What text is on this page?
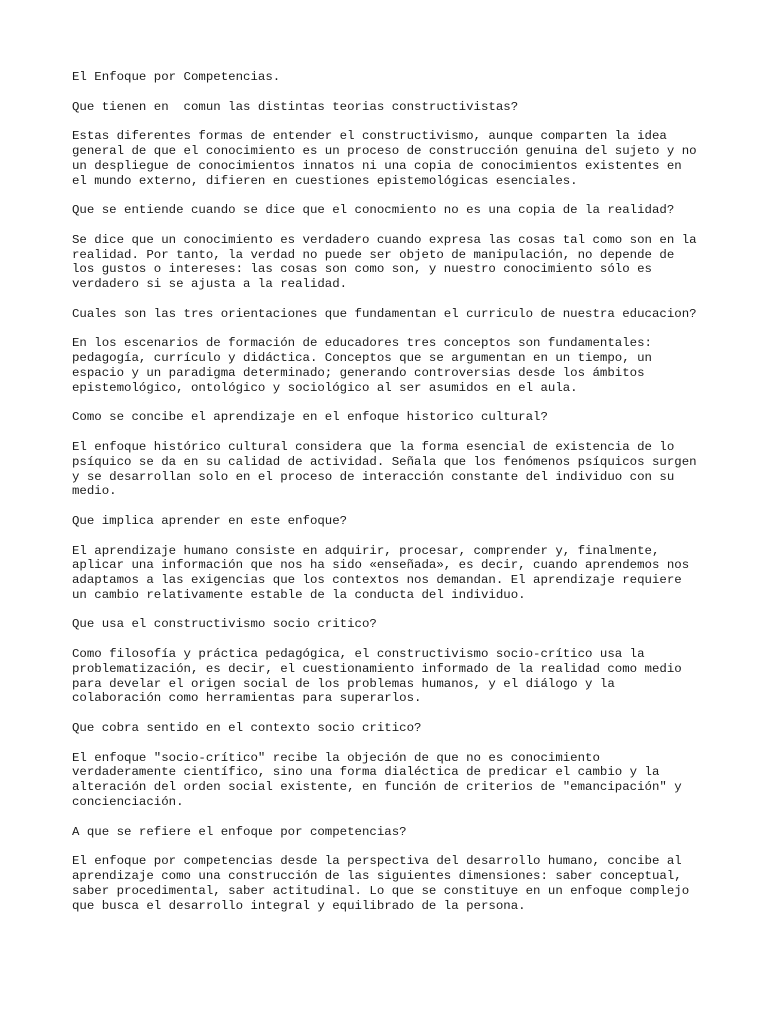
El Enfoque por Competencias.

Que tienen en  comun las distintas teorias constructivistas?

Estas diferentes formas de entender el constructivismo, aunque comparten la idea general de que el conocimiento es un proceso de construcción genuina del sujeto y no un despliegue de conocimientos innatos ni una copia de conocimientos existentes en el mundo externo, difieren en cuestiones epistemológicas esenciales.

Que se entiende cuando se dice que el conocmiento no es una copia de la realidad?

Se dice que un conocimiento es verdadero cuando expresa las cosas tal como son en la realidad. Por tanto, la verdad no puede ser objeto de manipulación, no depende de los gustos o intereses: las cosas son como son, y nuestro conocimiento sólo es verdadero si se ajusta a la realidad.

Cuales son las tres orientaciones que fundamentan el curriculo de nuestra educacion?

En los escenarios de formación de educadores tres conceptos son fundamentales: pedagogía, currículo y didáctica. Conceptos que se argumentan en un tiempo, un espacio y un paradigma determinado; generando controversias desde los ámbitos epistemológico, ontológico y sociológico al ser asumidos en el aula.

Como se concibe el aprendizaje en el enfoque historico cultural?

El enfoque histórico cultural considera que la forma esencial de existencia de lo psíquico se da en su calidad de actividad. Señala que los fenómenos psíquicos surgen y se desarrollan solo en el proceso de interacción constante del individuo con su medio.

Que implica aprender en este enfoque?

El aprendizaje humano consiste en adquirir, procesar, comprender y, finalmente, aplicar una información que nos ha sido «enseñada», es decir, cuando aprendemos nos adaptamos a las exigencias que los contextos nos demandan. El aprendizaje requiere un cambio relativamente estable de la conducta del individuo.

Que usa el constructivismo socio critico?

Como filosofía y práctica pedagógica, el constructivismo socio-crítico usa la problematización, es decir, el cuestionamiento informado de la realidad como medio para develar el origen social de los problemas humanos, y el diálogo y la colaboración como herramientas para superarlos.

Que cobra sentido en el contexto socio critico?

El enfoque "socio-crítico" recibe la objeción de que no es conocimiento verdaderamente científico, sino una forma dialéctica de predicar el cambio y la alteración del orden social existente, en función de criterios de "emancipación" y concienciación.

A que se refiere el enfoque por competencias?

El enfoque por competencias desde la perspectiva del desarrollo humano, concibe al aprendizaje como una construcción de las siguientes dimensiones: saber conceptual, saber procedimental, saber actitudinal. Lo que se constituye en un enfoque complejo que busca el desarrollo integral y equilibrado de la persona.
